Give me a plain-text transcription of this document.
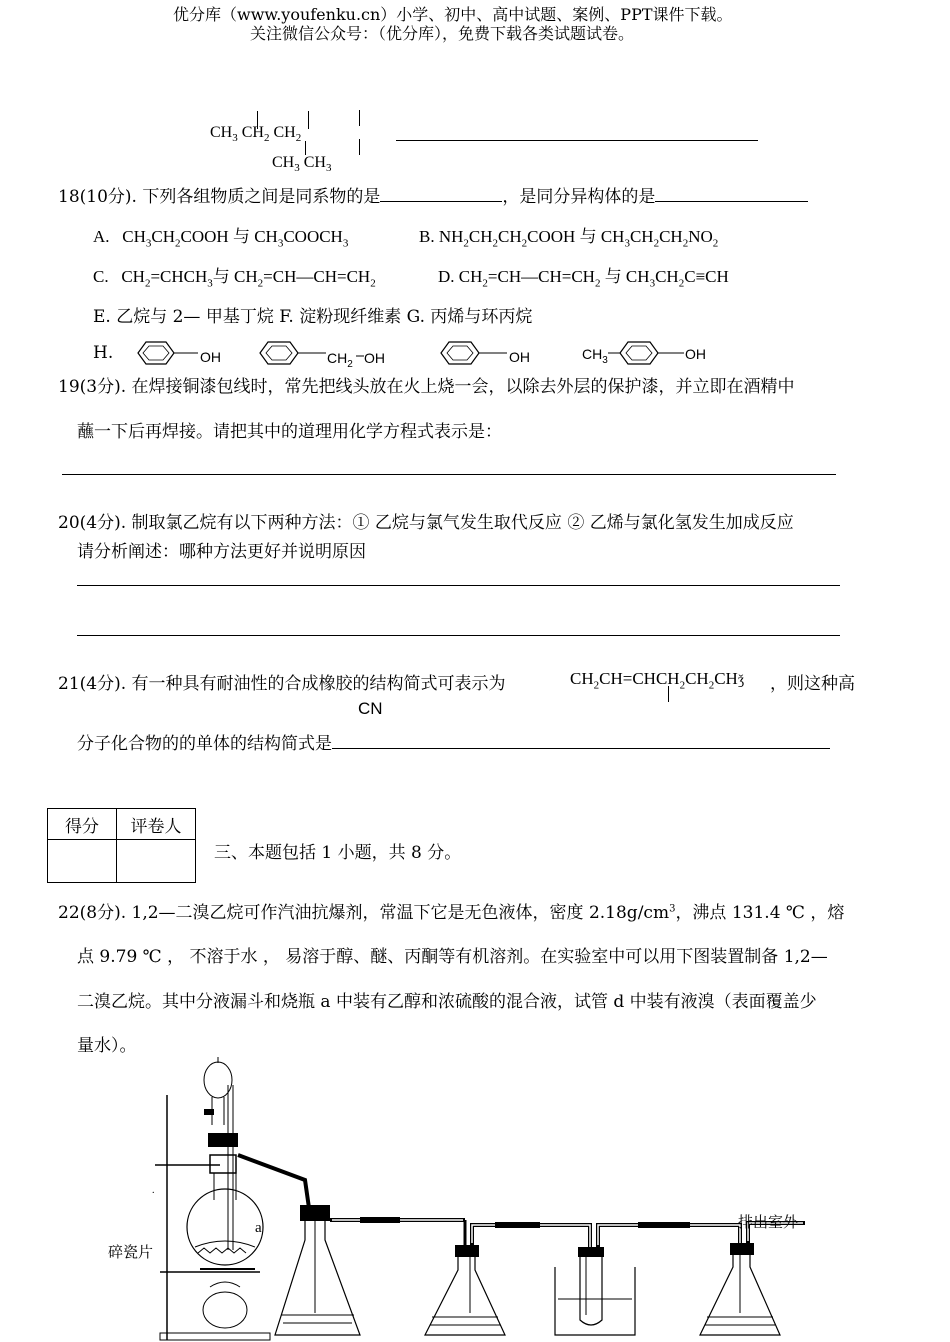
优分库（www.youfenku.cn）小学、初中、高中试题、案例、PPT课件下载。
关注微信公众号：（优分库），免费下载各类试题试卷。
$CH_3$ $CH_2$ $CH_2$
$CH_3$ $CH_3$
18(10分). 下列各组物质之间是同系物的是	，是同分异构体的是
A. $CH_3CH_2COOH$ 与 $CH_3COOCH_3$	B. $NH_2CH_2CH_2COOH$ 与 $CH_3CH_2CH_2NO_2$
C. $CH_2=CHCH_3$与 $CH_2=CH—CH=CH_2$	D. $CH_2=CH—CH=CH_2$ 与 $CH_3CH_2C\equiv CH$
E. 乙烷与 2— 甲基丁烷 F. 淀粉现纤维素 G. 丙烯与环丙烷
H.	OH	$CH_2$ OH	OH	$CH_3$	OH
19(3分). 在焊接铜漆包线时，常先把线头放在火上烧一会，以除去外层的保护漆，并立即在酒精中
蘸一下后再焊接。请把其中的道理用化学方程式表示是：
20(4分). 制取氯乙烷有以下两种方法：① 乙烷与氯气发生取代反应 ② 乙烯与氯化氢发生加成反应
请分析阐述：哪种方法更好并说明原因
21(4分). 有一种具有耐油性的合成橡胶的结构简式可表示为	$CH_2CH=CHCH_2CH_2CHǯ$ ，则这种高
CN
分子化合物的的单体的结构简式是
得分	评卷人

三、本题包括 1 小题，共 8 分。
22(8分). 1,2—二溴乙烷可作汽油抗爆剂，常温下它是无色液体，密度 $2.18g/cm^3$，沸点 131.4 ℃ ，熔
点 9.79 ℃ ， 不溶于水 ， 易溶于醇、醚、丙酮等有机溶剂。在实验室中可以用下图装置制备 1,2—
二溴乙烷。其中分液漏斗和烧瓶 a 中装有乙醇和浓硫酸的混合液，试管 d 中装有液溴（表面覆盖少
量水）。
a
碎瓷片
.
排出室外
